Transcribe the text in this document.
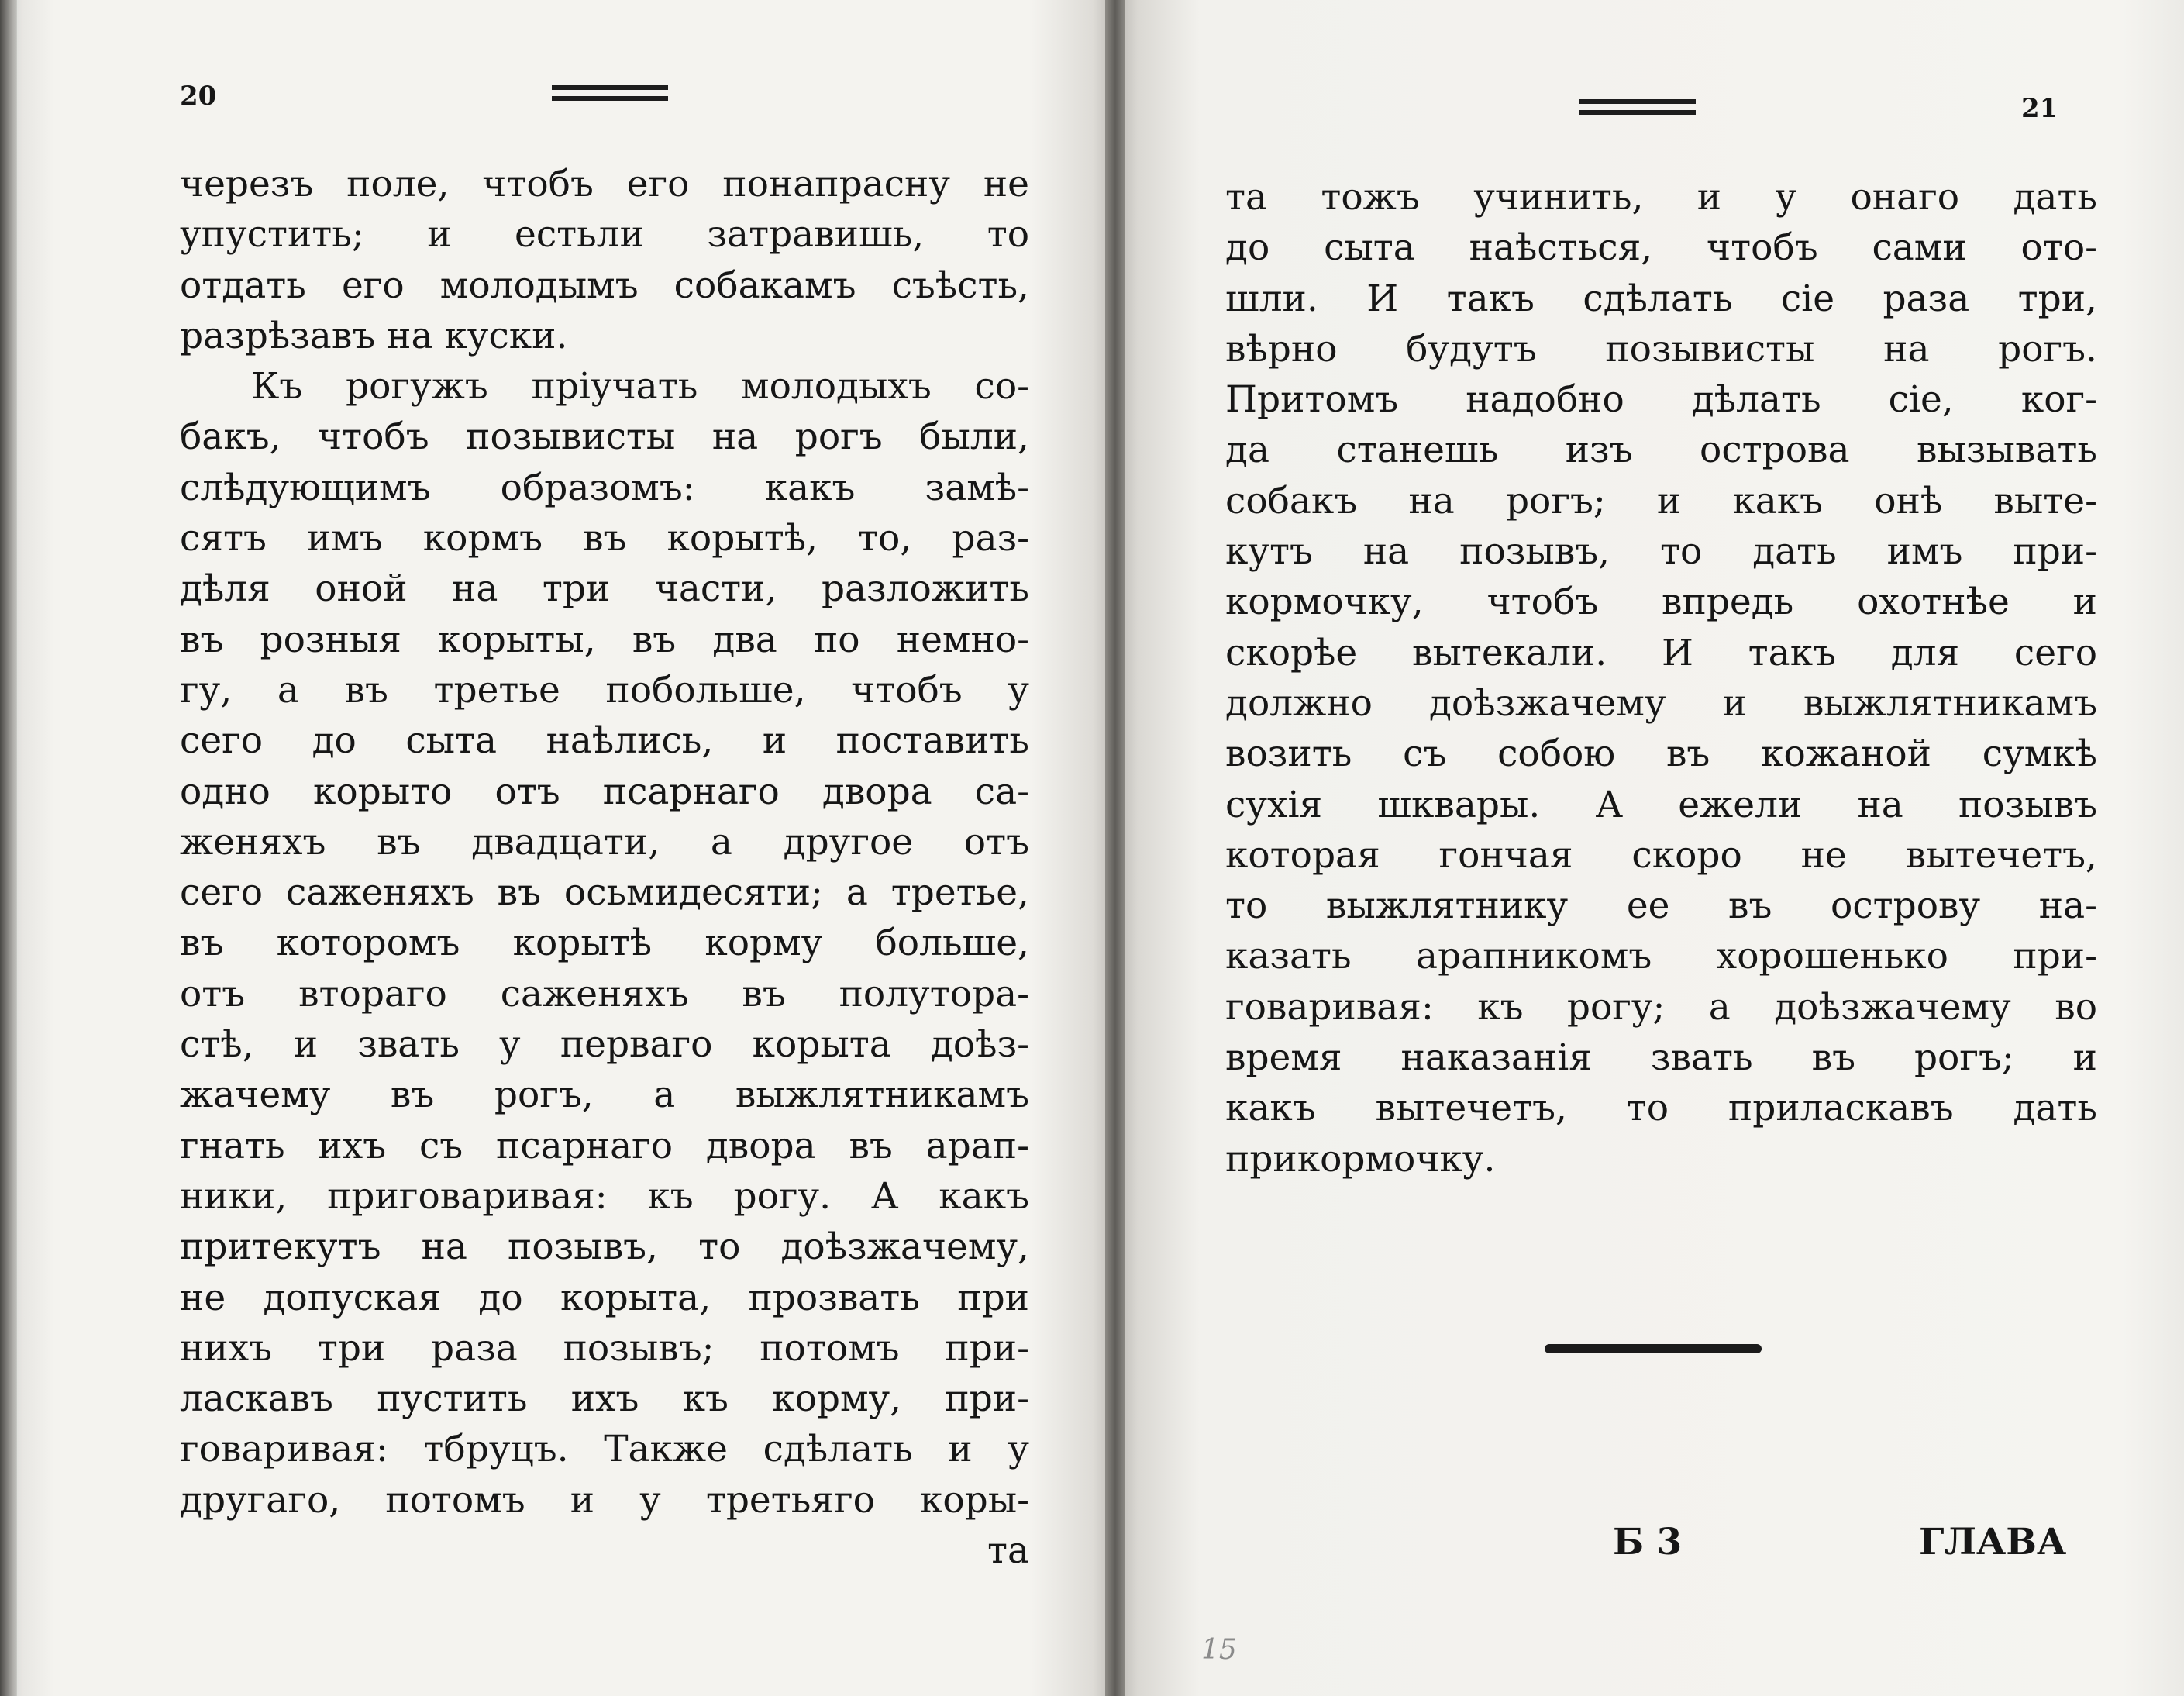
20
черезъ поле, чтобъ его понапрасну не
упустить; и естьли затравишь, то
отдать его молодымъ собакамъ съѣсть,
разрѣзавъ на куски.
Къ рогужъ пріучать молодыхъ со-
бакъ, чтобъ позывисты на рогъ были,
слѣдующимъ образомъ: какъ замѣ-
сятъ имъ кормъ въ корытѣ, то, раз-
дѣля оной на три части, разложить
въ розныя корыты, въ два по немно-
гу, а въ третье побольше, чтобъ у
сего до сыта наѣлись, и поставить
одно корыто отъ псарнаго двора са-
женяхъ въ двадцати, а другое отъ
сего саженяхъ въ осьмидесяти; а третье,
въ которомъ корытѣ корму больше,
отъ втораго саженяхъ въ полутора-
стѣ, и звать у перваго корыта доѣз-
жачему въ рогъ, а выжлятникамъ
гнать ихъ съ псарнаго двора въ арап-
ники, приговаривая: къ рогу. А какъ
притекутъ на позывъ, то доѣзжачему,
не допуская до корыта, прозвать при
нихъ три раза позывъ; потомъ при-
ласкавъ пустить ихъ къ корму, при-
говаривая: тбруцъ. Также сдѣлать и у
другаго, потомъ и у третьяго коры-
та
21
та тожъ учинить, и у онаго дать
до сыта наѣсться, чтобъ сами ото-
шли. И такъ сдѣлать сіе раза три,
вѣрно будутъ позывисты на рогъ.
Притомъ надобно дѣлать сіе, ког-
да станешь изъ острова вызывать
собакъ на рогъ; и какъ онѣ выте-
кутъ на позывъ, то дать имъ при-
кормочку, чтобъ впредь охотнѣе и
скорѣе вытекали. И такъ для сего
должно доѣзжачему и выжлятникамъ
возить съ собою въ кожаной сумкѣ
сухія шквары. А ежели на позывъ
которая гончая скоро не вытечетъ,
то выжлятнику ее въ острову на-
казать арапникомъ хорошенько при-
говаривая: къ рогу; а доѣзжачему во
время наказанія звать въ рогъ; и
какъ вытечетъ, то приласкавъ дать
прикормочку.
Б 3	ГЛАВА
15
